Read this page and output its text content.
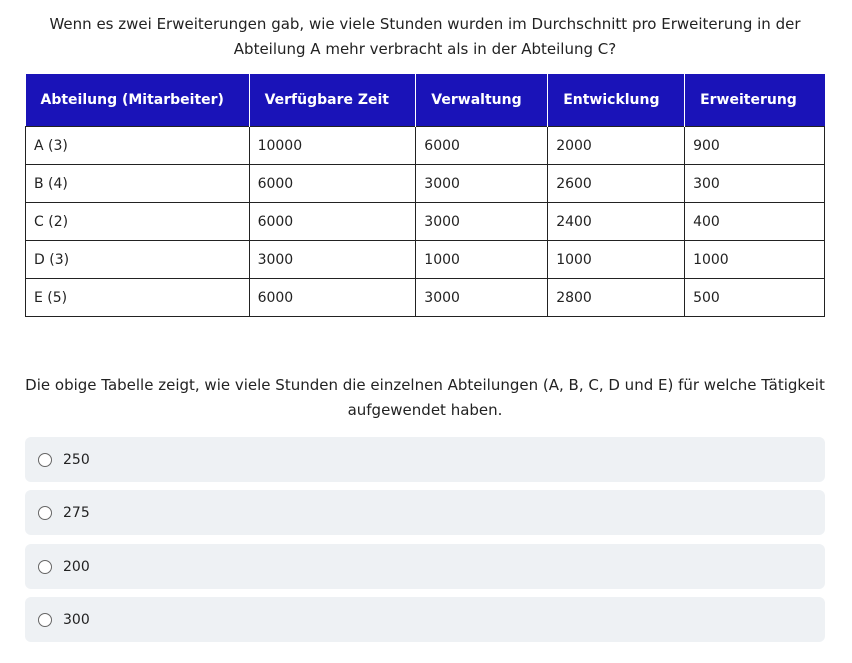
Wenn es zwei Erweiterungen gab, wie viele Stunden wurden im Durchschnitt pro Erweiterung in der Abteilung A mehr verbracht als in der Abteilung C?
Abteilung (Mitarbeiter)	Verfügbare Zeit	Verwaltung	Entwicklung	Erweiterung
A (3)	10000	6000	2000	900
B (4)	6000	3000	2600	300
C (2)	6000	3000	2400	400
D (3)	3000	1000	1000	1000
E (5)	6000	3000	2800	500
Die obige Tabelle zeigt, wie viele Stunden die einzelnen Abteilungen (A, B, C, D und E) für welche Tätigkeit aufgewendet haben.
250
275
200
300
